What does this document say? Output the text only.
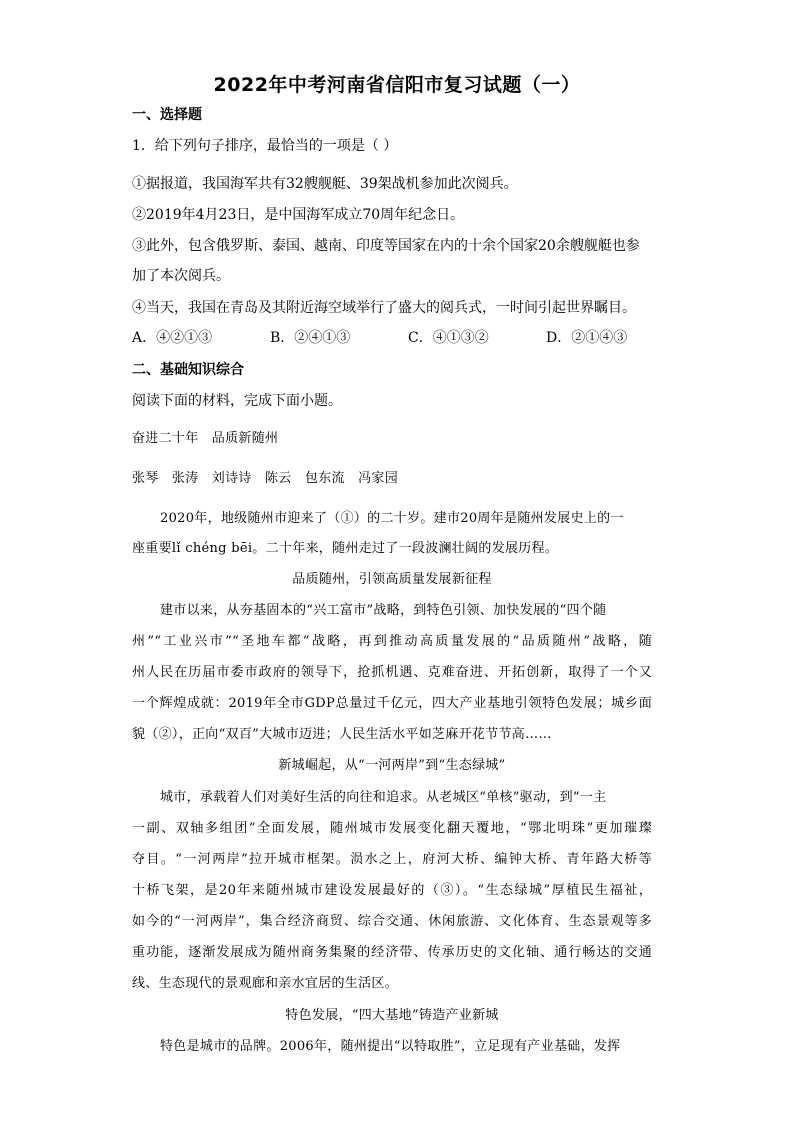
2022年中考河南省信阳市复习试题（一）
一、选择题
1．给下列句子排序，最恰当的一项是（ ）
①据报道，我国海军共有32艘舰艇、39架战机参加此次阅兵。
②2019年4月23日，是中国海军成立70周年纪念日。
③此外，包含俄罗斯、泰国、越南、印度等国家在内的十余个国家20余艘舰艇也参
加了本次阅兵。
④当天，我国在青岛及其附近海空域举行了盛大的阅兵式，一时间引起世界瞩目。
A．④②①③	B．②④①③	C．④①③②	D．②①④③
二、基础知识综合
阅读下面的材料，完成下面小题。
奋进二十年　品质新随州
张琴　张涛　刘诗诗　陈云　包东流　冯家园
2020年，地级随州市迎来了（①）的二十岁。建市20周年是随州发展史上的一
座重要lǐ chéng bēi。二十年来，随州走过了一段波澜壮阔的发展历程。
品质随州，引领高质量发展新征程
建市以来，从夯基固本的“兴工富市”战略，到特色引领、加快发展的“四个随
州”“工业兴市”“圣地车都”战略，再到推动高质量发展的“品质随州”战略，随
州人民在历届市委市政府的领导下，抢抓机遇、克难奋进、开拓创新，取得了一个又
一个辉煌成就：2019年全市GDP总量过千亿元，四大产业基地引领特色发展；城乡面
貌（②），正向“双百”大城市迈进；人民生活水平如芝麻开花节节高……
新城崛起，从“一河两岸”到“生态绿城”
城市，承载着人们对美好生活的向往和追求。从老城区“单核”驱动，到“一主
一副、双轴多组团”全面发展，随州城市发展变化翻天覆地，“鄂北明珠”更加璀璨
夺目。“一河两岸”拉开城市框架。涢水之上，府河大桥、编钟大桥、青年路大桥等
十桥飞架，是20年来随州城市建设发展最好的（③）。“生态绿城”厚植民生福祉，
如今的“一河两岸”，集合经济商贸、综合交通、休闲旅游、文化体育、生态景观等多
重功能，逐渐发展成为随州商务集聚的经济带、传承历史的文化轴、通行畅达的交通
线、生态现代的景观廊和亲水宜居的生活区。
特色发展，“四大基地”铸造产业新城
特色是城市的品牌。2006年，随州提出“以特取胜”，立足现有产业基础，发挥
